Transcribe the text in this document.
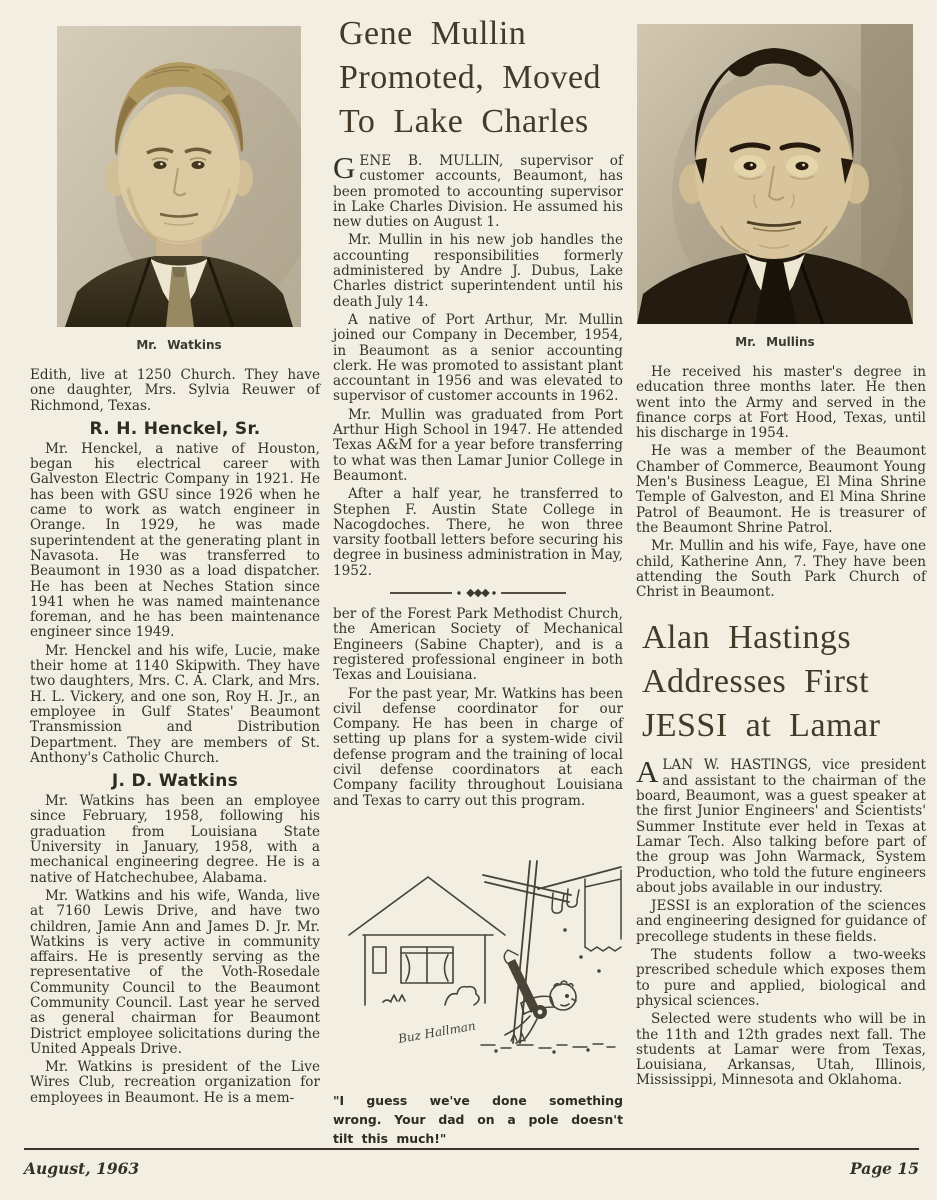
Mr. Watkins

Edith, live at 1250 Church. They have one daughter, Mrs. Sylvia Reuwer of Richmond, Texas.

R. H. Henckel, Sr.

Mr. Henckel, a native of Houston, began his electrical career with Galveston Electric Company in 1921. He has been with GSU since 1926 when he came to work as watch engineer in Orange. In 1929, he was made superintendent at the generating plant in Navasota. He was transferred to Beaumont in 1930 as a load dispatcher. He has been at Neches Station since 1941 when he was named maintenance foreman, and he has been maintenance engineer since 1949.

Mr. Henckel and his wife, Lucie, make their home at 1140 Skipwith. They have two daughters, Mrs. C. A. Clark, and Mrs. H. L. Vickery, and one son, Roy H. Jr., an employee in Gulf States' Beaumont Transmission and Distribution Department. They are members of St. Anthony's Catholic Church.

J. D. Watkins

Mr. Watkins has been an employee since February, 1958, following his graduation from Louisiana State University in January, 1958, with a mechanical engineering degree. He is a native of Hatchechubee, Alabama.

Mr. Watkins and his wife, Wanda, live at 7160 Lewis Drive, and have two children, Jamie Ann and James D. Jr. Mr. Watkins is very active in community affairs. He is presently serving as the representative of the Voth-Rosedale Community Council to the Beaumont Community Council. Last year he served as general chairman for Beaumont District employee solicitations during the United Appeals Drive.

Mr. Watkins is president of the Live Wires Club, recreation organization for employees in Beaumont. He is a mem-

Gene Mullin
Promoted, Moved
To Lake Charles

GENE B. MULLIN, supervisor of customer accounts, Beaumont, has been promoted to accounting supervisor in Lake Charles Division. He assumed his new duties on August 1.

Mr. Mullin in his new job handles the accounting responsibilities formerly administered by Andre J. Dubus, Lake Charles district superintendent until his death July 14.

A native of Port Arthur, Mr. Mullin joined our Company in December, 1954, in Beaumont as a senior accounting clerk. He was promoted to assistant plant accountant in 1956 and was elevated to supervisor of customer accounts in 1962.

Mr. Mullin was graduated from Port Arthur High School in 1947. He attended Texas A&M for a year before transferring to what was then Lamar Junior College in Beaumont.

After a half year, he transferred to Stephen F. Austin State College in Nacogdoches. There, he won three varsity football letters before securing his degree in business administration in May, 1952.

ber of the Forest Park Methodist Church, the American Society of Mechanical Engineers (Sabine Chapter), and is a registered professional engineer in both Texas and Louisiana.

For the past year, Mr. Watkins has been civil defense coordinator for our Company. He has been in charge of setting up plans for a system-wide civil defense program and the training of local civil defense coordinators at each Company facility throughout Louisiana and Texas to carry out this program.

Buz Hallman
"I guess we've done something wrong. Your dad on a pole doesn't tilt this much!"
Mr. Mullins

He received his master's degree in education three months later. He then went into the Army and served in the finance corps at Fort Hood, Texas, until his discharge in 1954.

He was a member of the Beaumont Chamber of Commerce, Beaumont Young Men's Business League, El Mina Shrine Temple of Galveston, and El Mina Shrine Patrol of Beaumont. He is treasurer of the Beaumont Shrine Patrol.

Mr. Mullin and his wife, Faye, have one child, Katherine Ann, 7. They have been attending the South Park Church of Christ in Beaumont.

Alan Hastings
Addresses First
JESSI at Lamar

ALAN W. HASTINGS, vice president and assistant to the chairman of the board, Beaumont, was a guest speaker at the first Junior Engineers' and Scientists' Summer Institute ever held in Texas at Lamar Tech. Also talking before part of the group was John Warmack, System Production, who told the future engineers about jobs available in our industry.

JESSI is an exploration of the sciences and engineering designed for guidance of precollege students in these fields.

The students follow a two-weeks prescribed schedule which exposes them to pure and applied, biological and physical sciences.

Selected were students who will be in the 11th and 12th grades next fall. The students at Lamar were from Texas, Louisiana, Arkansas, Utah, Illinois, Mississippi, Minnesota and Oklahoma.

August, 1963	Page 15
